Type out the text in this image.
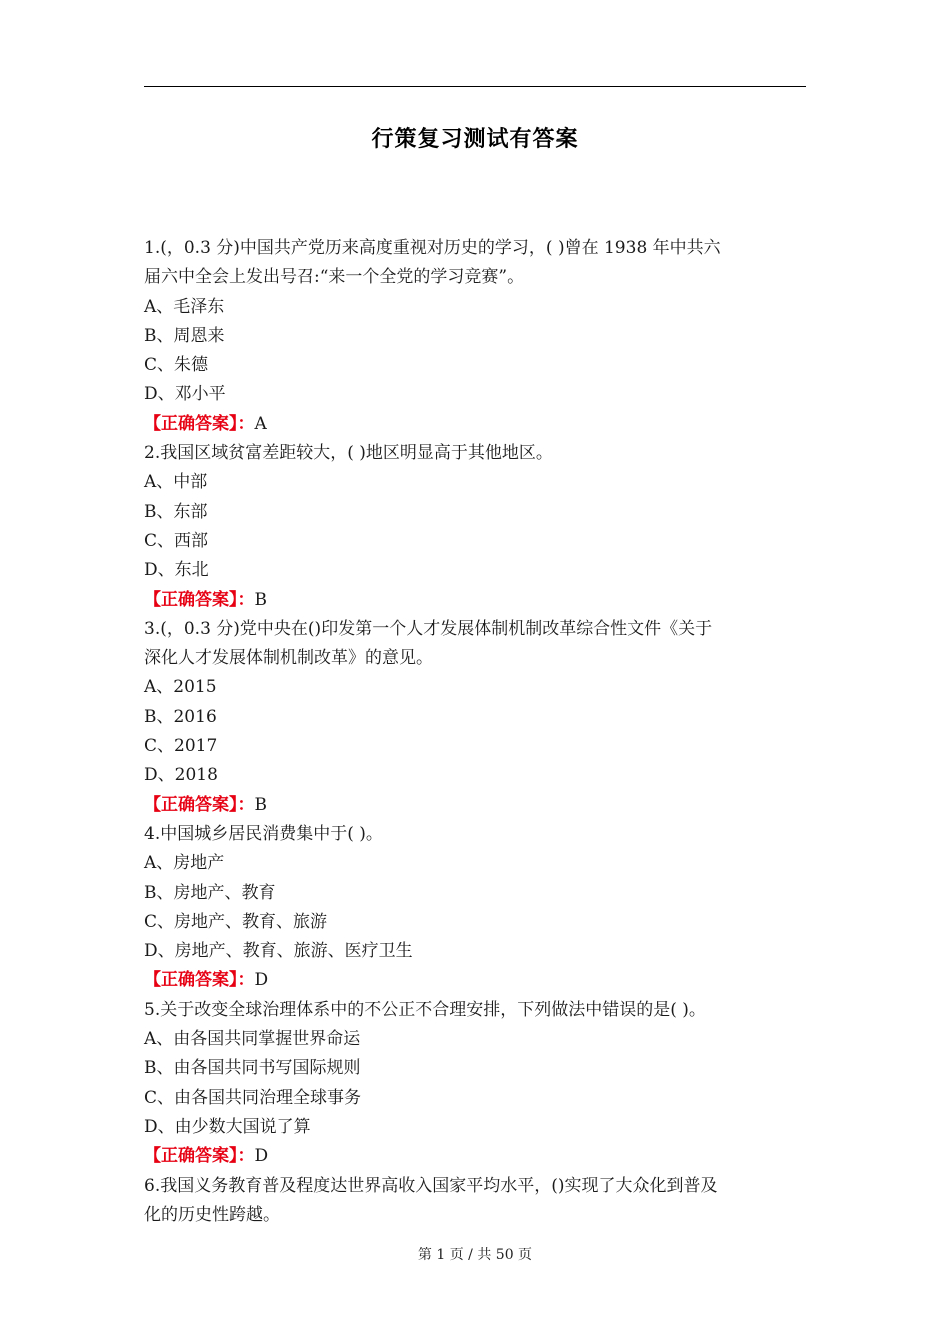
行策复习测试有答案
1.(，0.3 分)中国共产党历来高度重视对历史的学习，( )曾在 1938 年中共六
届六中全会上发出号召:“来一个全党的学习竞赛”。
A、毛泽东
B、周恩来
C、朱德
D、邓小平
【正确答案】：A
2.我国区域贫富差距较大，( )地区明显高于其他地区。
A、中部
B、东部
C、西部
D、东北
【正确答案】：B
3.(，0.3 分)党中央在()印发第一个人才发展体制机制改革综合性文件《关于
深化人才发展体制机制改革》的意见。
A、2015
B、2016
C、2017
D、2018
【正确答案】：B
4.中国城乡居民消费集中于( )。
A、房地产
B、房地产、教育
C、房地产、教育、旅游
D、房地产、教育、旅游、医疗卫生
【正确答案】：D
5.关于改变全球治理体系中的不公正不合理安排，下列做法中错误的是( )。
A、由各国共同掌握世界命运
B、由各国共同书写国际规则
C、由各国共同治理全球事务
D、由少数大国说了算
【正确答案】：D
6.我国义务教育普及程度达世界高收入国家平均水平，()实现了大众化到普及
化的历史性跨越。
第 1 页 / 共 50 页
